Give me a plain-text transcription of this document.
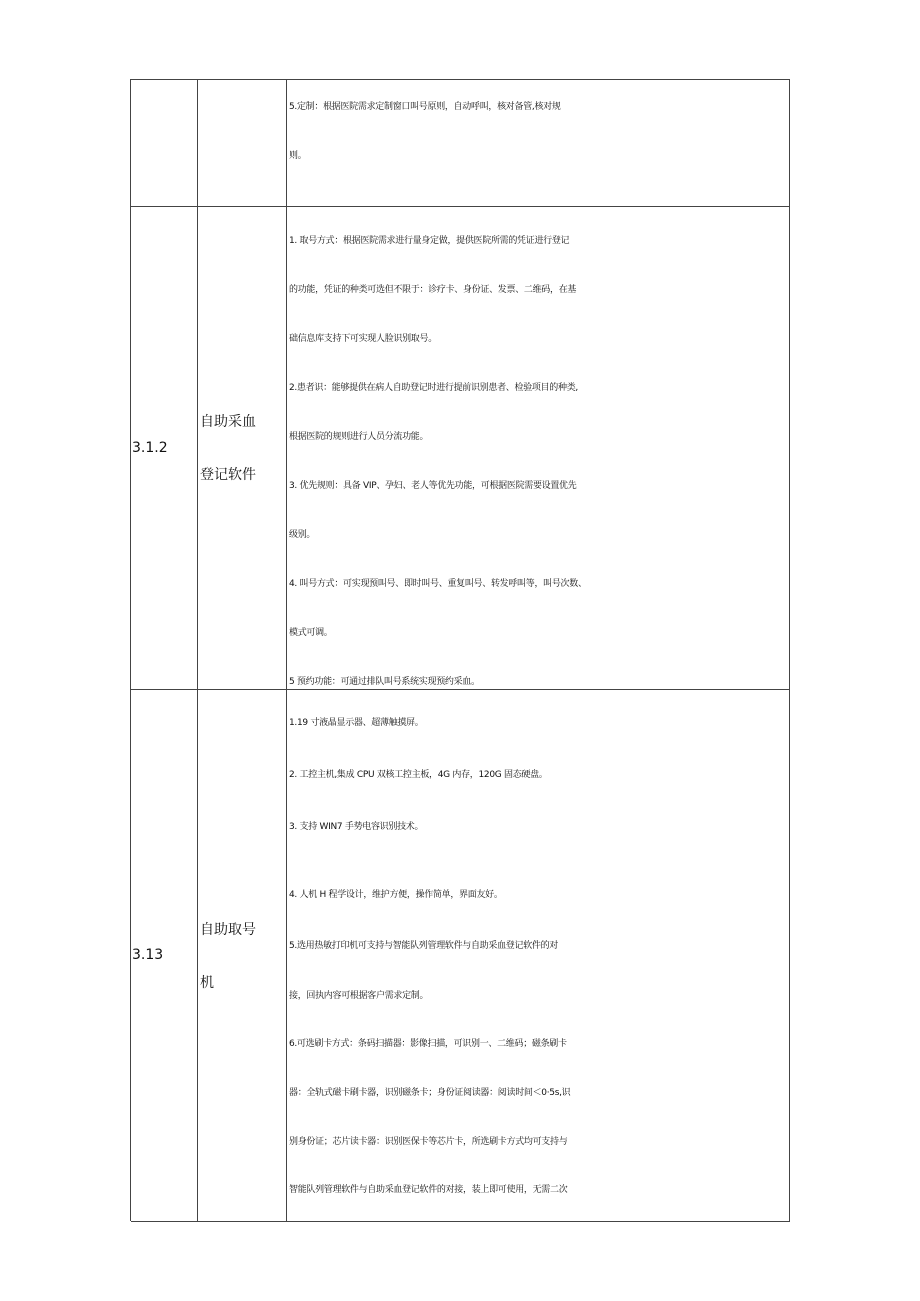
5.定制：根据医院需求定制窗口叫号原则，自动呼叫，核对备管,核对规
则。
3.1.2
自助采血
登记软件
1. 取号方式：根据医院需求进行量身定做，提供医院所需的凭证进行登记
的功能，凭证的种类可选但不限于：诊疗卡、身份证、发票、二维码，在基
础信息库支持下可实现人脸识别取号。
2.患者识：能够提供在病人自助登记时进行提前识别患者、检验项目的种类,
根据医院的规则进行人员分流功能。
3. 优先规则：具备 VIP、孕妇、老人等优先功能，可根据医院需要设置优先
级别。
4. 叫号方式：可实现预叫号、即时叫号、重复叫号、转发呼叫等，叫号次数、
模式可调。
5 预约功能：可通过排队叫号系统实现预约采血。
3.13
自助取号
机
1.19 寸液晶显示器、超薄触摸屏。
2. 工控主机,集成 CPU 双核工控主板，4G 内存，120G 固态硬盘。
3. 支持 WIN7 手势电容识别技术。
4. 人机 H 程学设计，维护方便，操作简单，界面友好。
5.选用热敏打印机可支持与智能队列管理软件与自助采血登记软件的对
接，回执内容可根据客户需求定制。
6.可选刷卡方式：条码扫描器：影像扫描，可识别一、二维码；磁条刷卡
器：全轨式磁卡刷卡器，识别磁条卡；身份证阅读器：阅读时间＜0·5s,识
别身份证；芯片读卡器：识别医保卡等芯片卡，所选刷卡方式均可支持与
智能队列管理软件与自助采血登记软件的对接，装上即可使用，无需二次
